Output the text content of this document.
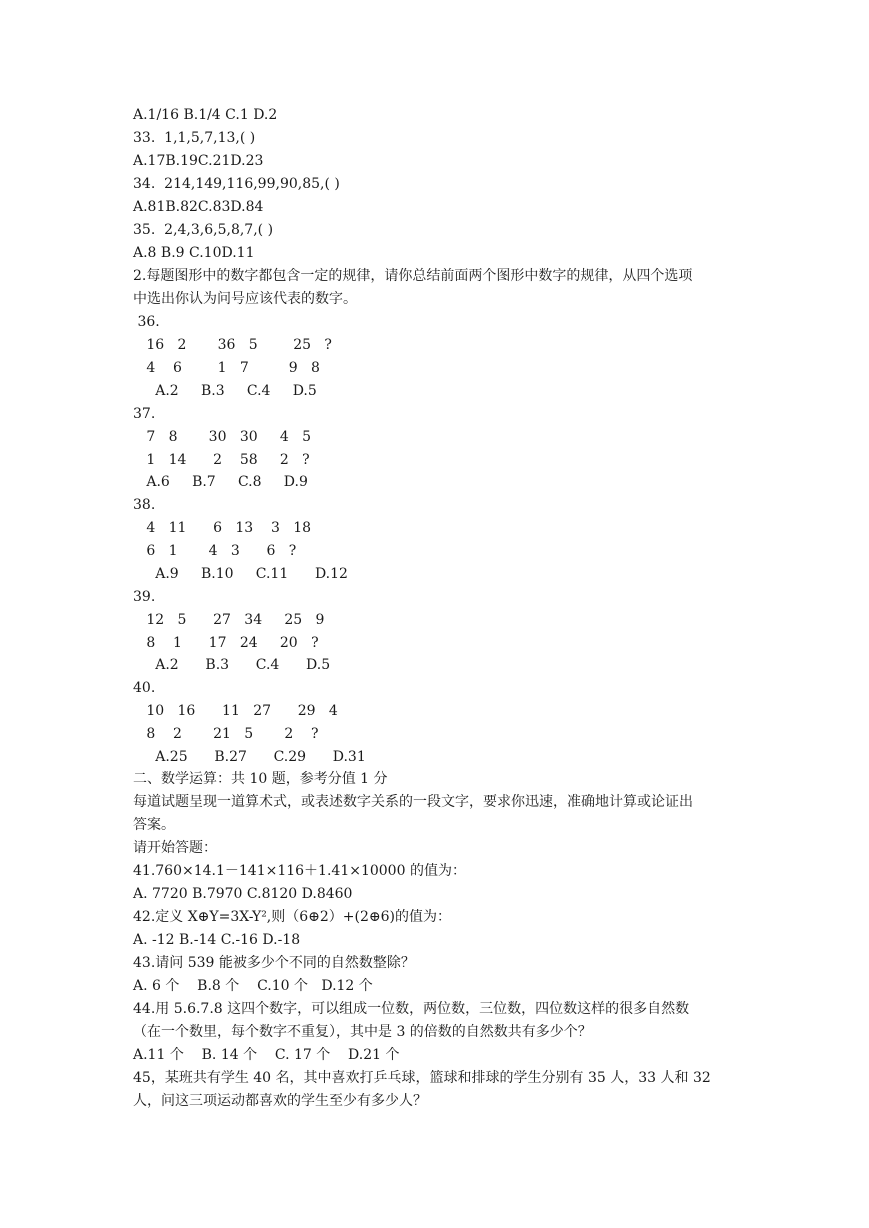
A.1/16 B.1/4 C.1 D.2
33.  1,1,5,7,13,( )
A.17B.19C.21D.23
34.  214,149,116,99,90,85,( )
A.81B.82C.83D.84
35.  2,4,3,6,5,8,7,( )
A.8 B.9 C.10D.11
2.每题图形中的数字都包含一定的规律，请你总结前面两个图形中数字的规律，从四个选项
中选出你认为问号应该代表的数字。
36.
16   2       36   5        25   ?
4    6        1   7         9   8
A.2     B.3     C.4     D.5
37.
7   8       30   30     4   5
1   14      2    58     2   ?
A.6     B.7     C.8     D.9
38.
4   11      6   13    3   18
6   1       4   3      6   ?
A.9     B.10     C.11      D.12
39.
12   5      27   34     25   9
8    1      17   24     20   ?
A.2      B.3      C.4      D.5
40.
10   16      11   27      29   4
8    2       21   5       2    ?
A.25      B.27      C.29      D.31
二、数学运算：共 10 题，参考分值 1 分
每道试题呈现一道算术式，或表述数字关系的一段文字，要求你迅速，准确地计算或论证出
答案。
请开始答题：
41.760×14.1－141×116＋1.41×10000 的值为：
A. 7720 B.7970 C.8120 D.8460
42.定义 X⊕Y=3X-Y²,则（6⊕2）+(2⊕6)的值为：
A. -12 B.-14 C.-16 D.-18
43.请问 539 能被多少个不同的自然数整除？
A. 6 个    B.8 个    C.10 个   D.12 个
44.用 5.6.7.8 这四个数字，可以组成一位数，两位数，三位数，四位数这样的很多自然数
（在一个数里，每个数字不重复），其中是 3 的倍数的自然数共有多少个？
A.11 个    B. 14 个    C. 17 个    D.21 个
45，某班共有学生 40 名，其中喜欢打乒乓球，篮球和排球的学生分别有 35 人，33 人和 32
人，问这三项运动都喜欢的学生至少有多少人？
